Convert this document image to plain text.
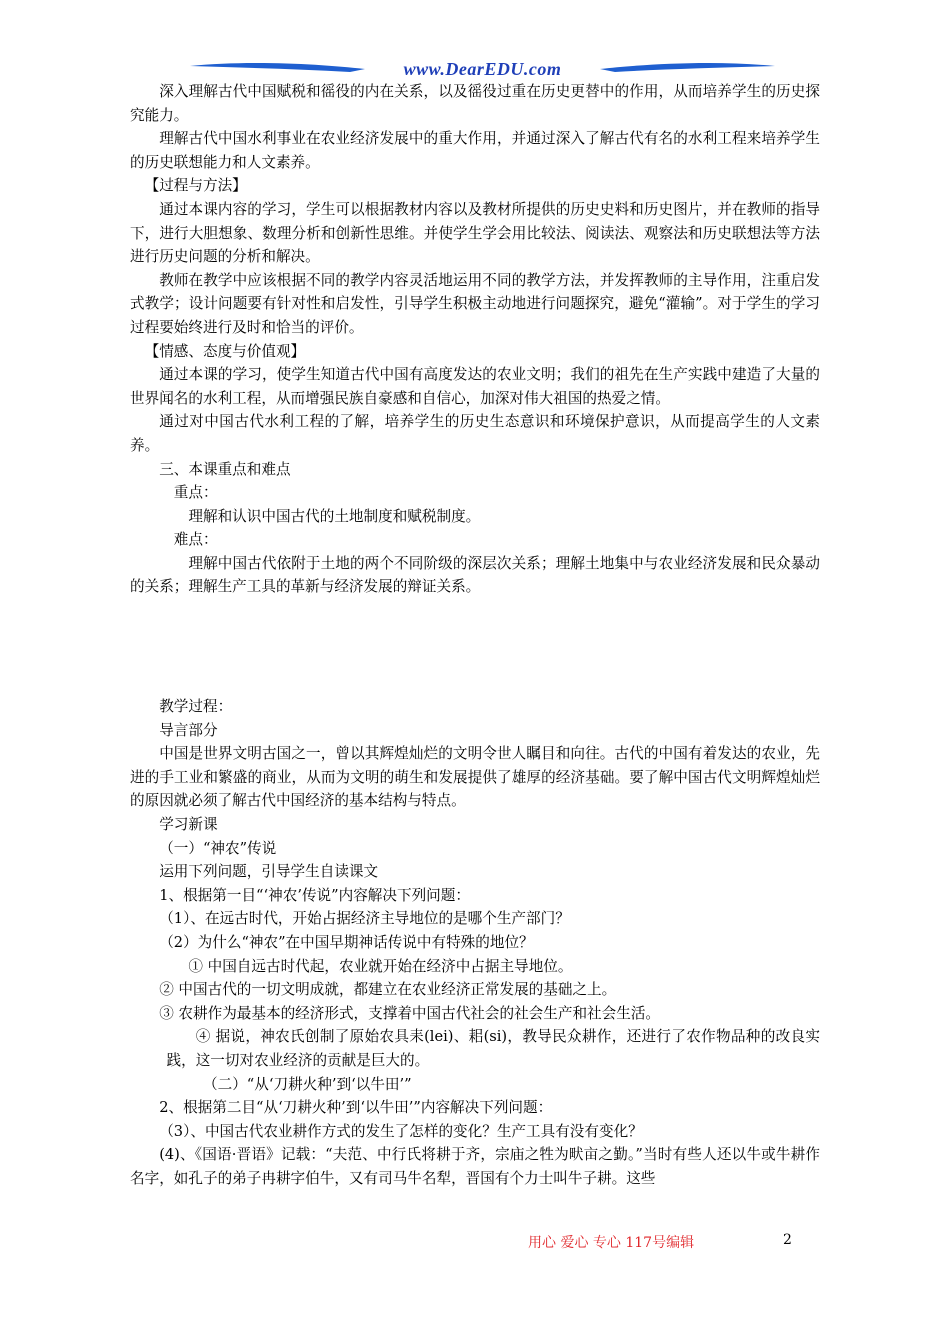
www.DearEDU.com

深入理解古代中国赋税和徭役的内在关系，以及徭役过重在历史更替中的作用，从而培养学生的历史探究能力。

理解古代中国水利事业在农业经济发展中的重大作用，并通过深入了解古代有名的水利工程来培养学生的历史联想能力和人文素养。

【过程与方法】

通过本课内容的学习，学生可以根据教材内容以及教材所提供的历史史料和历史图片，并在教师的指导下，进行大胆想象、数理分析和创新性思维。并使学生学会用比较法、阅读法、观察法和历史联想法等方法进行历史问题的分析和解决。

教师在教学中应该根据不同的教学内容灵活地运用不同的教学方法，并发挥教师的主导作用，注重启发式教学；设计问题要有针对性和启发性，引导学生积极主动地进行问题探究，避免“灌输”。对于学生的学习过程要始终进行及时和恰当的评价。

【情感、态度与价值观】

通过本课的学习，使学生知道古代中国有高度发达的农业文明；我们的祖先在生产实践中建造了大量的世界闻名的水利工程，从而增强民族自豪感和自信心，加深对伟大祖国的热爱之情。

通过对中国古代水利工程的了解，培养学生的历史生态意识和环境保护意识，从而提高学生的人文素养。

三、本课重点和难点

重点：

理解和认识中国古代的土地制度和赋税制度。

难点：

理解中国古代依附于土地的两个不同阶级的深层次关系；理解土地集中与农业经济发展和民众暴动的关系；理解生产工具的革新与经济发展的辩证关系。

教学过程：

导言部分

中国是世界文明古国之一，曾以其辉煌灿烂的文明令世人瞩目和向往。古代的中国有着发达的农业，先进的手工业和繁盛的商业，从而为文明的萌生和发展提供了雄厚的经济基础。要了解中国古代文明辉煌灿烂的原因就必须了解古代中国经济的基本结构与特点。

学习新课

（一）“神农”传说

运用下列问题，引导学生自读课文

1、根据第一目“‘神农’传说”内容解决下列问题：

（1）、在远古时代，开始占据经济主导地位的是哪个生产部门？

（2）为什么“神农”在中国早期神话传说中有特殊的地位？

① 中国自远古时代起，农业就开始在经济中占据主导地位。

② 中国古代的一切文明成就，都建立在农业经济正常发展的基础之上。

③ 农耕作为最基本的经济形式，支撑着中国古代社会的社会生产和社会生活。

④ 据说，神农氏创制了原始农具耒(lei)、耜(si)，教导民众耕作，还进行了农作物品种的改良实践，这一切对农业经济的贡献是巨大的。

（二）“从‘刀耕火种’到‘以牛田’”

2、根据第二目“从‘刀耕火种’到‘以牛田’”内容解决下列问题：

（3）、中国古代农业耕作方式的发生了怎样的变化？生产工具有没有变化？

(4)、《国语·晋语》记载：“夫范、中行氏将耕于齐，宗庙之牲为畎亩之勤。”当时有些人还以牛或牛耕作名字，如孔子的弟子冉耕字伯牛，又有司马牛名犁，晋国有个力士叫牛子耕。这些

用心 爱心 专心 117号编辑	2
